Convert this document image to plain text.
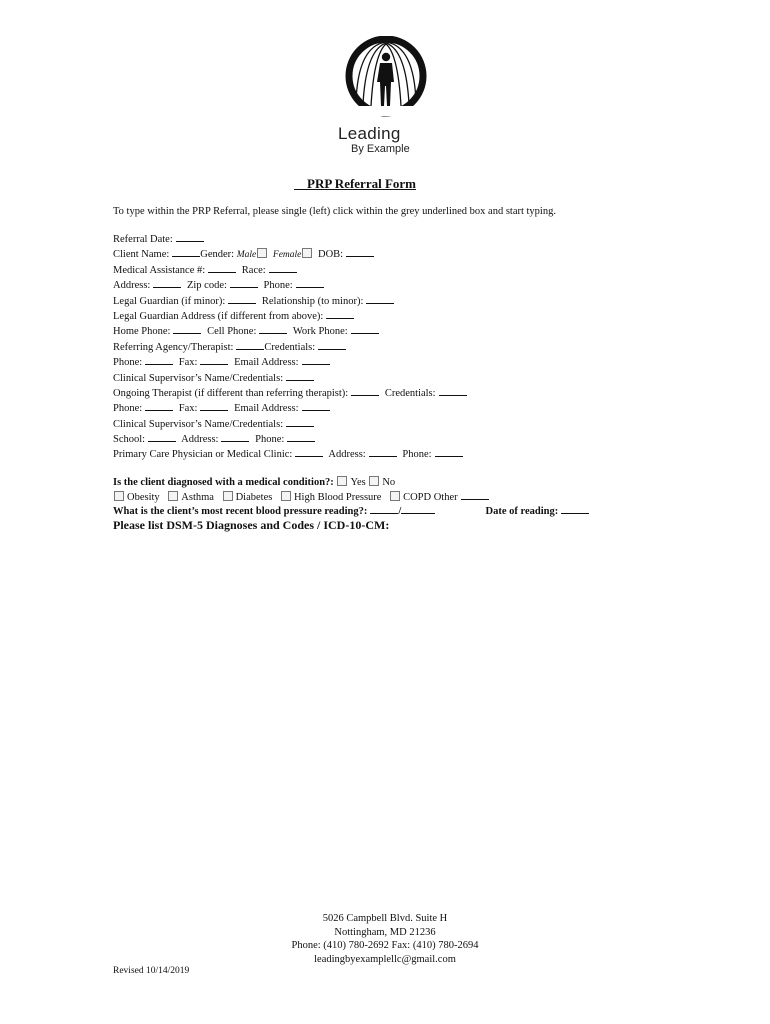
Leading
By Example
PRP Referral Form
To type within the PRP Referral, please single (left) click within the grey underlined box and start typing.
Referral Date:
Client Name:	Gender: Male Female DOB:
Medical Assistance #:	Race:
Address:	Zip code:	Phone:
Legal Guardian (if minor):	Relationship (to minor):
Legal Guardian Address (if different from above):
Home Phone:	Cell Phone:	Work Phone:
Referring Agency/Therapist:	Credentials:
Phone:	Fax:	Email Address:
Clinical Supervisor’s Name/Credentials:
Ongoing Therapist (if different than referring therapist):	Credentials:
Phone:	Fax:	Email Address:
Clinical Supervisor’s Name/Credentials:
School:	Address:	Phone:
Primary Care Physician or Medical Clinic:	Address:	Phone:
Is the client diagnosed with a medical condition?: Yes No
Obesity Asthma Diabetes High Blood Pressure COPD Other
What is the client’s most recent blood pressure reading?:	/	Date of reading:
Please list DSM-5 Diagnoses and Codes / ICD-10-CM:
5026 Campbell Blvd. Suite H
Nottingham, MD 21236
Phone: (410) 780-2692 Fax: (410) 780-2694
leadingbyexamplellc@gmail.com
Revised 10/14/2019
